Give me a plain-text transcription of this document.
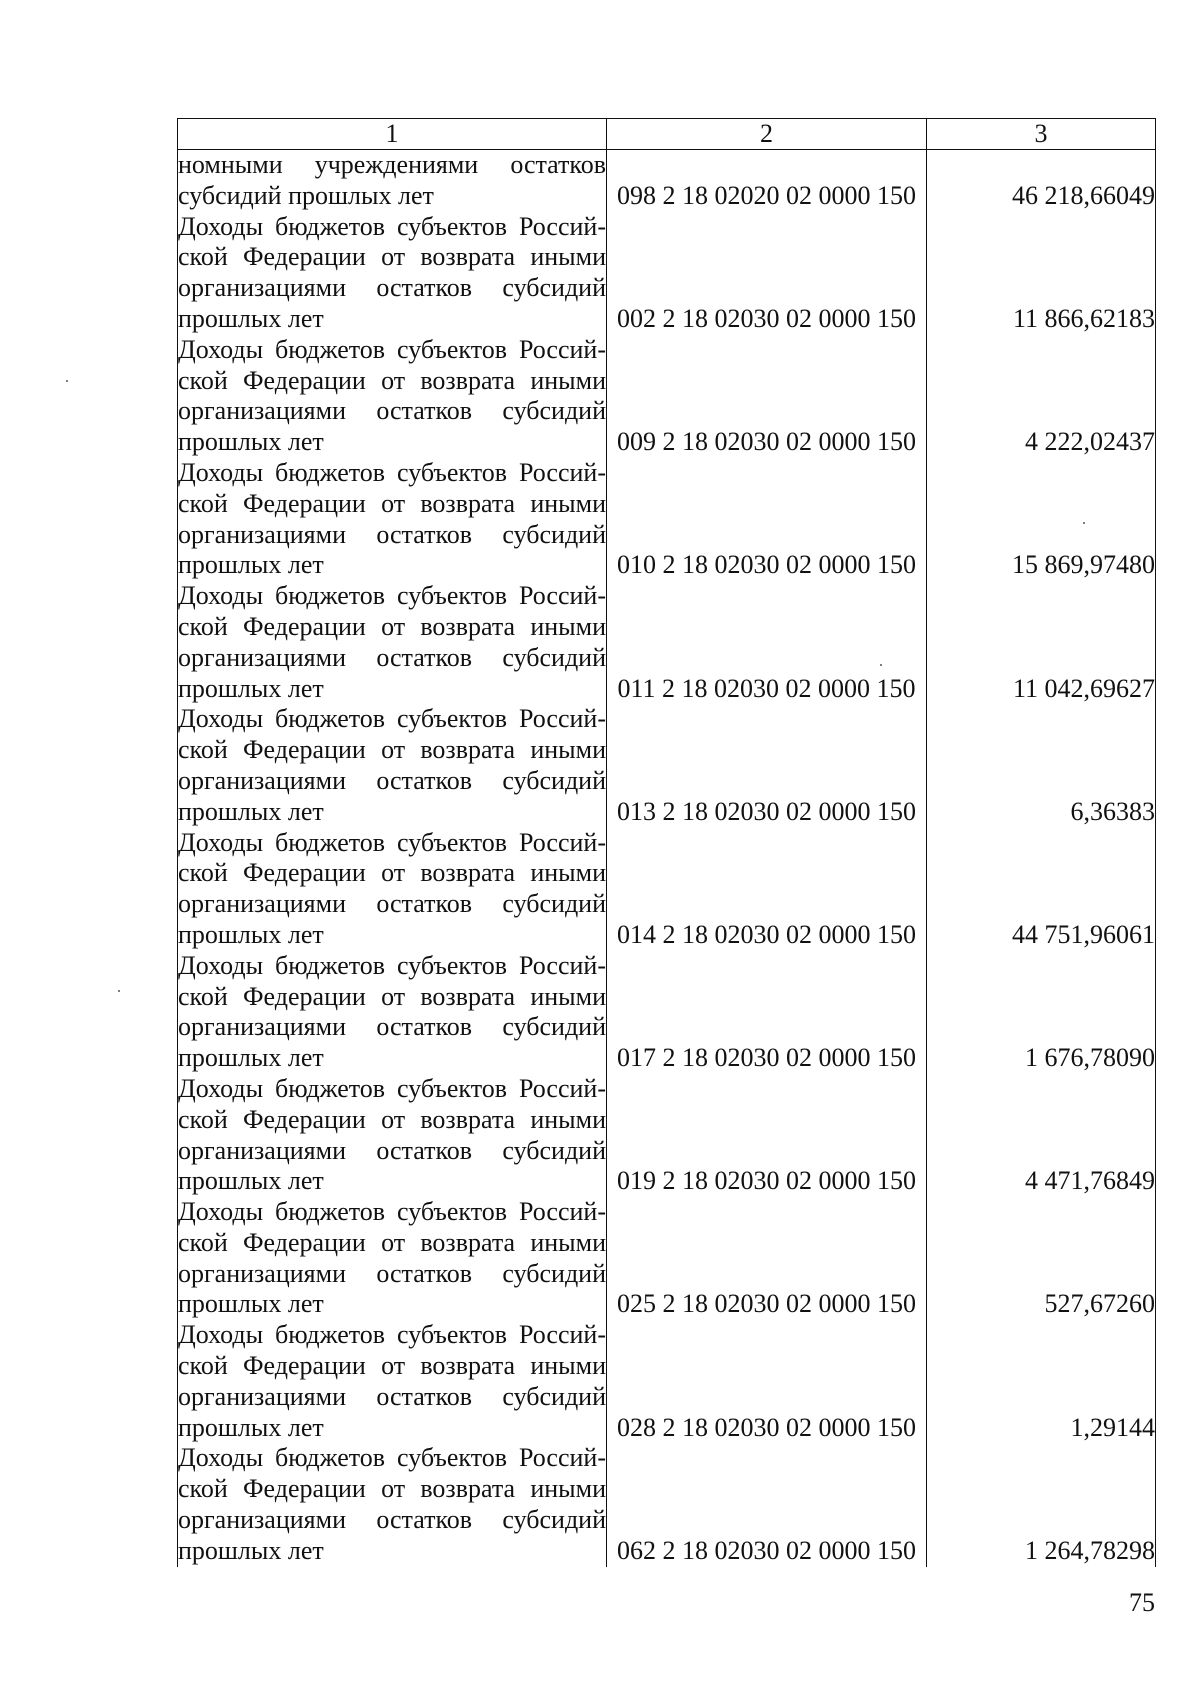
1	2	3
номными учреждениями остатков субсидий прошлых лет	098 2 18 02020 02 0000 150	46 218,66049
Доходы бюджетов субъектов Российской Федерации от возврата иными организациями остатков субсидий прошлых лет	002 2 18 02030 02 0000 150	11 866,62183
Доходы бюджетов субъектов Российской Федерации от возврата иными организациями остатков субсидий прошлых лет	009 2 18 02030 02 0000 150	4 222,02437
Доходы бюджетов субъектов Российской Федерации от возврата иными организациями остатков субсидий прошлых лет	010 2 18 02030 02 0000 150	15 869,97480
Доходы бюджетов субъектов Российской Федерации от возврата иными организациями остатков субсидий прошлых лет	011 2 18 02030 02 0000 150	11 042,69627
Доходы бюджетов субъектов Российской Федерации от возврата иными организациями остатков субсидий прошлых лет	013 2 18 02030 02 0000 150	6,36383
Доходы бюджетов субъектов Российской Федерации от возврата иными организациями остатков субсидий прошлых лет	014 2 18 02030 02 0000 150	44 751,96061
Доходы бюджетов субъектов Российской Федерации от возврата иными организациями остатков субсидий прошлых лет	017 2 18 02030 02 0000 150	1 676,78090
Доходы бюджетов субъектов Российской Федерации от возврата иными организациями остатков субсидий прошлых лет	019 2 18 02030 02 0000 150	4 471,76849
Доходы бюджетов субъектов Российской Федерации от возврата иными организациями остатков субсидий прошлых лет	025 2 18 02030 02 0000 150	527,67260
Доходы бюджетов субъектов Российской Федерации от возврата иными организациями остатков субсидий прошлых лет	028 2 18 02030 02 0000 150	1,29144
Доходы бюджетов субъектов Российской Федерации от возврата иными организациями остатков субсидий прошлых лет	062 2 18 02030 02 0000 150	1 264,78298
75
